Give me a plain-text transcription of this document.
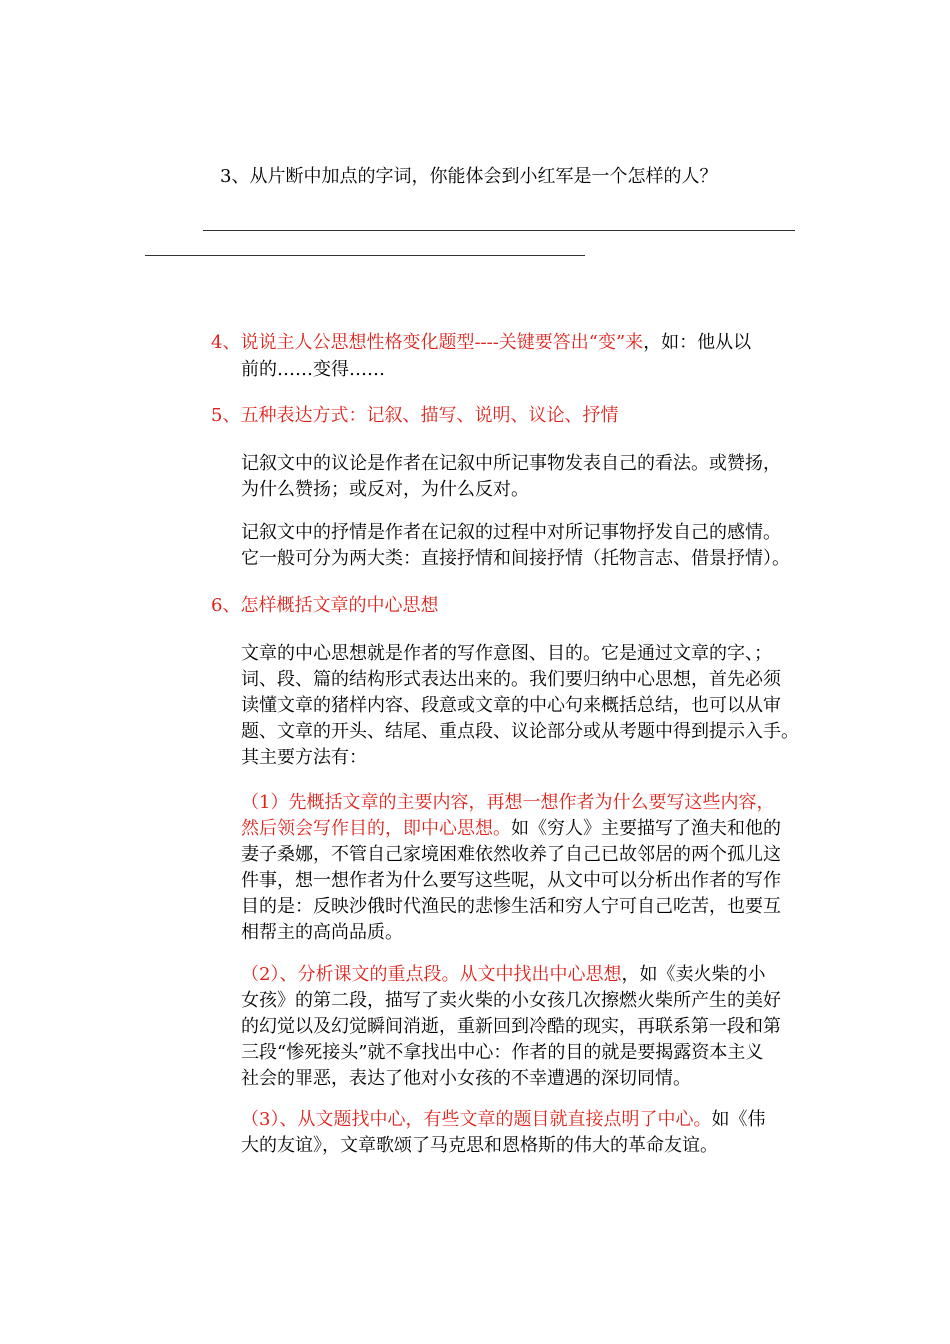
3、从片断中加点的字词，你能体会到小红军是一个怎样的人？
4、说说主人公思想性格变化题型----关键要答出“变”来，如：他从以
前的……变得……
5、五种表达方式：记叙、描写、说明、议论、抒情
记叙文中的议论是作者在记叙中所记事物发表自己的看法。或赞扬，
为什么赞扬；或反对，为什么反对。
记叙文中的抒情是作者在记叙的过程中对所记事物抒发自己的感情。
它一般可分为两大类：直接抒情和间接抒情（托物言志、借景抒情）。
6、怎样概括文章的中心思想
文章的中心思想就是作者的写作意图、目的。它是通过文章的字、；
词、段、篇的结构形式表达出来的。我们要归纳中心思想，首先必须
读懂文章的猪样内容、段意或文章的中心句来概括总结，也可以从审
题、文章的开头、结尾、重点段、议论部分或从考题中得到提示入手。
其主要方法有：
（1）先概括文章的主要内容，再想一想作者为什么要写这些内容，
然后领会写作目的，即中心思想。如《穷人》主要描写了渔夫和他的
妻子桑娜，不管自己家境困难依然收养了自己已故邻居的两个孤儿这
件事，想一想作者为什么要写这些呢，从文中可以分析出作者的写作
目的是：反映沙俄时代渔民的悲惨生活和穷人宁可自己吃苦，也要互
相帮主的高尚品质。
（2）、分析课文的重点段。从文中找出中心思想，如《卖火柴的小
女孩》的第二段，描写了卖火柴的小女孩几次擦燃火柴所产生的美好
的幻觉以及幻觉瞬间消逝，重新回到冷酷的现实，再联系第一段和第
三段“惨死接头”就不拿找出中心：作者的目的就是要揭露资本主义
社会的罪恶，表达了他对小女孩的不幸遭遇的深切同情。
（3）、从文题找中心，有些文章的题目就直接点明了中心。如《伟
大的友谊》，文章歌颂了马克思和恩格斯的伟大的革命友谊。
